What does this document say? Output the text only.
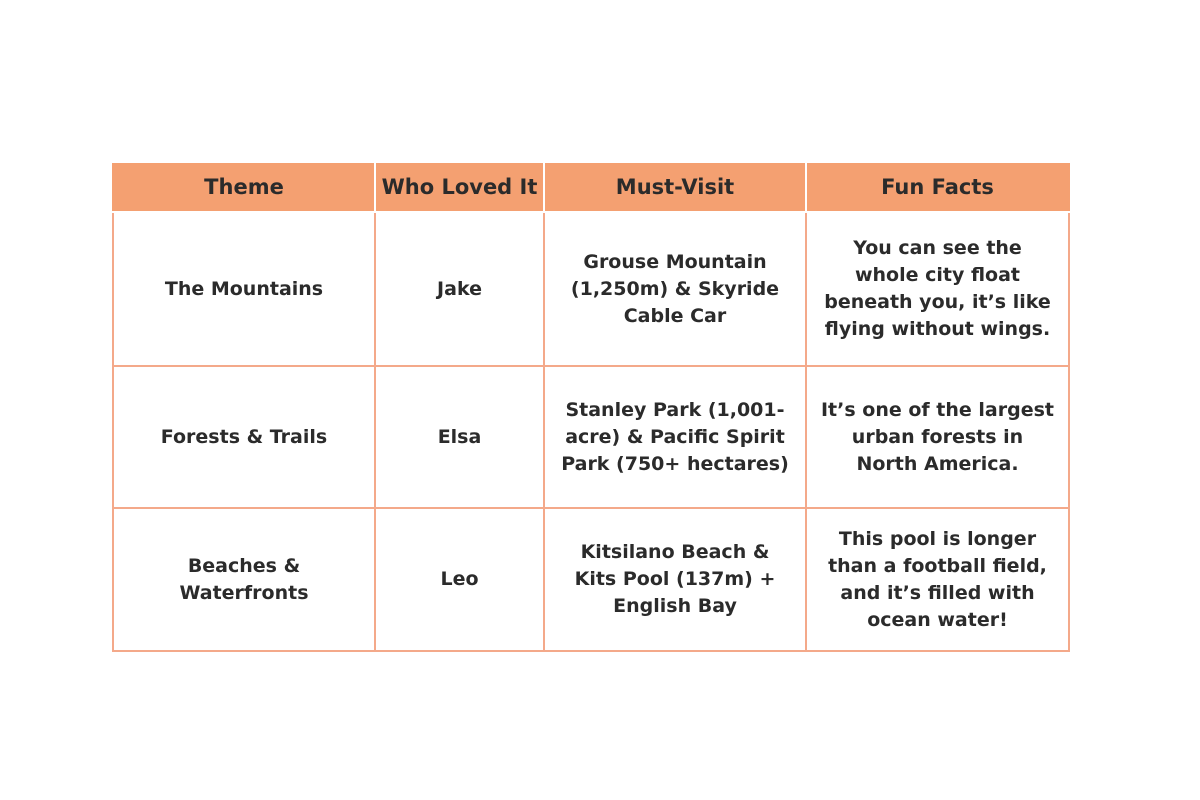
Theme	Who Loved It	Must-Visit	Fun Facts
The Mountains	Jake	Grouse Mountain (1,250m) & Skyride Cable Car	You can see the whole city float beneath you, it’s like flying without wings.
Forests & Trails	Elsa	Stanley Park (1,001-acre) & Pacific Spirit Park (750+ hectares)	It’s one of the largest urban forests in North America.
Beaches & Waterfronts	Leo	Kitsilano Beach & Kits Pool (137m) + English Bay	This pool is longer than a football field, and it’s filled with ocean water!
